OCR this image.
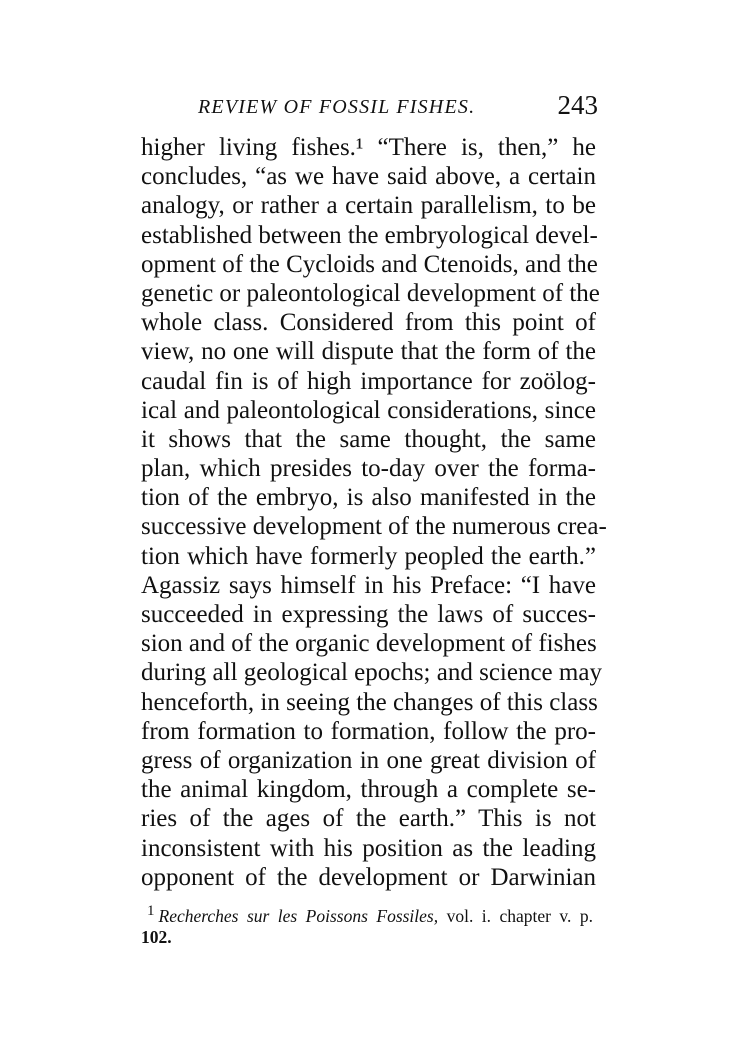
REVIEW OF FOSSIL FISHES.	243
higher living fishes.¹ “There is, then,” he
concludes, “as we have said above, a certain
analogy, or rather a certain parallelism, to be
established between the embryological devel-
opment of the Cycloids and Ctenoids, and the
genetic or paleontological development of the
whole class. Considered from this point of
view, no one will dispute that the form of the
caudal fin is of high importance for zoölog-
ical and paleontological considerations, since
it shows that the same thought, the same
plan, which presides to-day over the forma-
tion of the embryo, is also manifested in the
successive development of the numerous crea-
tion which have formerly peopled the earth.”
Agassiz says himself in his Preface: “I have
succeeded in expressing the laws of succes-
sion and of the organic development of fishes
during all geological epochs; and science may
henceforth, in seeing the changes of this class
from formation to formation, follow the pro-
gress of organization in one great division of
the animal kingdom, through a complete se-
ries of the ages of the earth.” This is not
inconsistent with his position as the leading
opponent of the development or Darwinian
$^1$ Recherches sur les Poissons Fossiles, vol. i. chapter v. p.
102.
